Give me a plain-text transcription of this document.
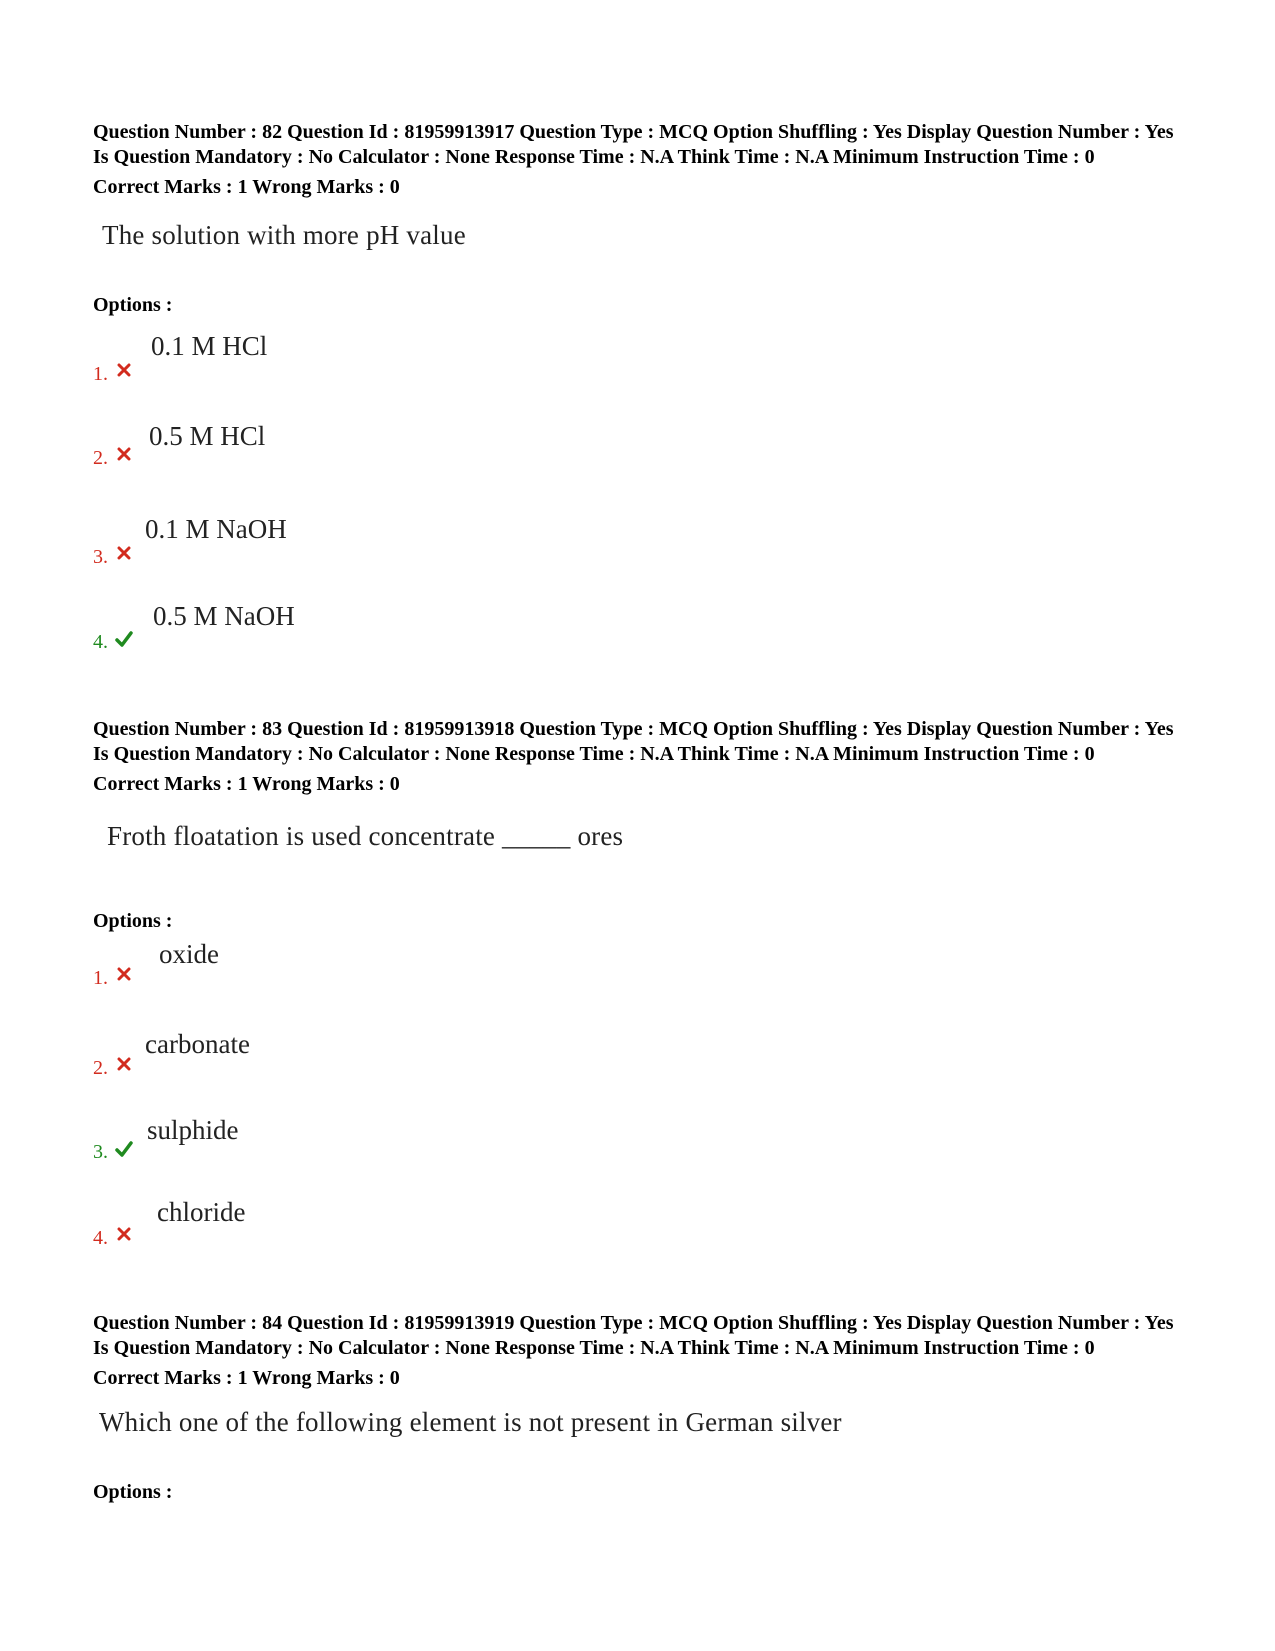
Question Number : 82 Question Id : 81959913917 Question Type : MCQ Option Shuffling : Yes Display Question Number : Yes Is Question Mandatory : No Calculator : None Response Time : N.A Think Time : N.A Minimum Instruction Time : 0

Correct Marks : 1 Wrong Marks : 0
The solution with more pH value
Options :
1.
0.1 M HCl
2.
0.5 M HCl
3.
0.1 M NaOH
4.
0.5 M NaOH

Question Number : 83 Question Id : 81959913918 Question Type : MCQ Option Shuffling : Yes Display Question Number : Yes Is Question Mandatory : No Calculator : None Response Time : N.A Think Time : N.A Minimum Instruction Time : 0

Correct Marks : 1 Wrong Marks : 0
Froth floatation is used concentrate _____ ores
Options :
1.
oxide
2.
carbonate
3.
sulphide
4.
chloride

Question Number : 84 Question Id : 81959913919 Question Type : MCQ Option Shuffling : Yes Display Question Number : Yes Is Question Mandatory : No Calculator : None Response Time : N.A Think Time : N.A Minimum Instruction Time : 0

Correct Marks : 1 Wrong Marks : 0
Which one of the following element is not present in German silver
Options :
